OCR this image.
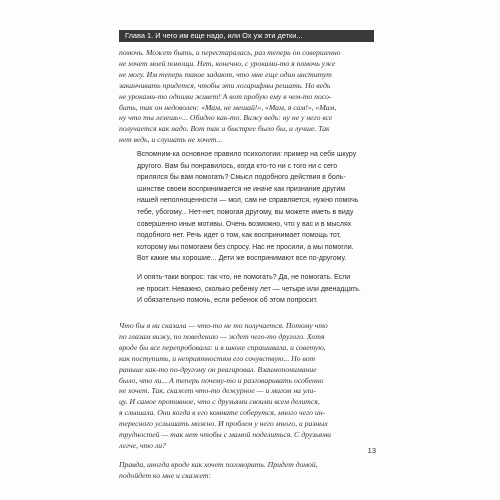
Глава 1. И чего им еще надо, или Ох уж эти детки...

помочь. Может быть, и перестаралась, раз теперь он совершенно
не хочет моей помощи. Нет, конечно, с уроками-то я помочь уже
не могу. Им теперь такое задают, что мне еще один институт
заканчивать придется, чтобы эти логарифмы решать. Но ведь
не уроками-то одними живет! А вот пробую ему в чем-то посо-
бить, так он недоволен: «Мам, не мешай!», «Мам, я сам!», «Мам,
ну что ты лезешь»... Обидно как-то. Вижу ведь: ну не у него все
получается как надо. Вот так и быстрее было бы, и лучше. Так
нет ведь, и слушать не хочет...

Вспомним-ка основное правило психологии: пример на себя шкуру
другого. Вам бы понравилось, когда кто-то ни с того ни с сего
прилялся бы вам помогать? Смысл подобного действия в боль-
шинстве своем воспринимается не иначе как признание другим
нашей неполноценности — мол, сам не справляется, нужно помочь
тебе, убогому... Нет-нет, помогая другому, вы можете иметь в виду
совершенно иные мотивы. Очень возможно, что у вас и в мыслях
подобного нет. Речь идет о том, как воспринимает помощь тот,
которому мы помогаем без спросу. Нас не просили, а мы помогли.
Вот какие мы хорошие... Дети же воспринимают все по-другому.

И опять-таки вопрос: так что, не помогать? Да, не помогать. Если
не просит. Неважно, сколько ребенку лет — четыре или двенадцать.
И обязательно помочь, если ребенок об этом попросит.

Что бы я ни сказала — что-то не то получается. Потому что
по глазам вижу, по поведению — ждет чего-то другого. Хотя
вроде бы все перепробовала: и в школе спрашивала, и советую,
как поступить, и неприятностям его сочувствую... Но вот
раньше как-то по-другому он реагировал. Взаимопонимание
было, что ли... А теперь почему-то и разговаривать особенно
не хочет. Так, скажет что-то дежурное — и мигом на ули-
цу. И самое противное, что с друзьями своими всем делится,
я слышала. Они когда в его комнате соберутся, много чего ин-
тересного услышать можно. И проблем у него много, и разных
трудностей — так нет чтобы с мамой поделиться. С друзьями
легче, что ли?

Правда, иногда вроде как хочет поговорить. Придет домой,
подойдет ко мне и скажет:

13
